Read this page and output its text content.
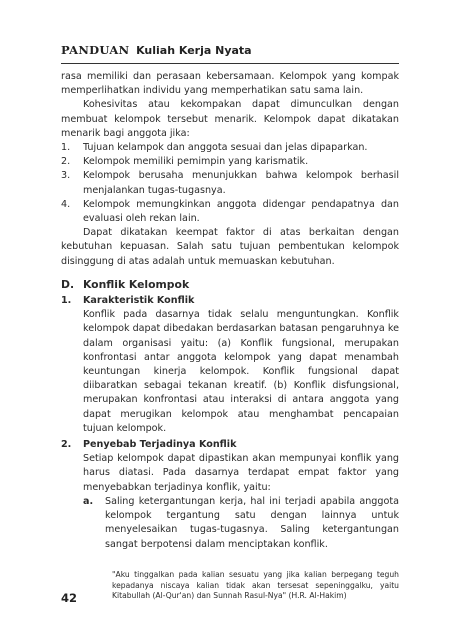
PANDUAN Kuliah Kerja Nyata

rasa memiliki dan perasaan kebersamaan. Kelompok yang kompak memperlihatkan individu yang memperhatikan satu sama lain.

Kohesivitas atau kekompakan dapat dimunculkan dengan membuat kelompok tersebut menarik. Kelompok dapat dikatakan menarik bagi anggota jika:

1. Tujuan kelampok dan anggota sesuai dan jelas dipaparkan.
2. Kelompok memiliki pemimpin yang karismatik.
3. Kelompok berusaha menunjukkan bahwa kelompok berhasil menjalankan tugas-tugasnya.
4. Kelompok memungkinkan anggota didengar pendapatnya dan evaluasi oleh rekan lain.

Dapat dikatakan keempat faktor di atas berkaitan dengan kebutuhan kepuasan. Salah satu tujuan pembentukan kelompok disinggung di atas adalah untuk memuaskan kebutuhan.

D. Konflik Kelompok
1. Karakteristik Konflik

Konflik pada dasarnya tidak selalu menguntungkan. Konflik kelompok dapat dibedakan berdasarkan batasan pengaruhnya ke dalam organisasi yaitu: (a) Konflik fungsional, merupakan konfrontasi antar anggota kelompok yang dapat menambah keuntungan kinerja kelompok. Konflik fungsional dapat diibaratkan sebagai tekanan kreatif. (b) Konflik disfungsional, merupakan konfrontasi atau interaksi di antara anggota yang dapat merugikan kelompok atau menghambat pencapaian tujuan kelompok.

2. Penyebab Terjadinya Konflik

Setiap kelompok dapat dipastikan akan mempunyai konflik yang harus diatasi. Pada dasarnya terdapat empat faktor yang menyebabkan terjadinya konflik, yaitu:

a. Saling ketergantungan kerja, hal ini terjadi apabila anggota kelompok tergantung satu dengan lainnya untuk menyelesaikan tugas-tugasnya. Saling ketergantungan sangat berpotensi dalam menciptakan konflik.
"Aku tinggalkan pada kalian sesuatu yang jika kalian berpegang teguh kepadanya niscaya kalian tidak akan tersesat sepeninggalku, yaitu Kitabullah (Al-Qur'an) dan Sunnah Rasul-Nya" (H.R. Al-Hakim)
42
